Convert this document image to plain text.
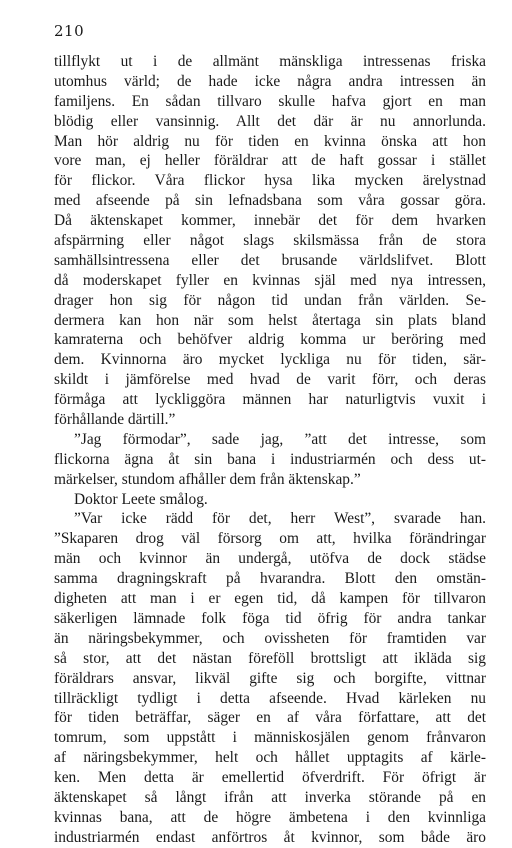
210
tillflykt ut i de allmänt mänskliga intressenas friska
utomhus värld; de hade icke några andra intressen än
familjens. En sådan tillvaro skulle hafva gjort en man
blödig eller vansinnig. Allt det där är nu annorlunda.
Man hör aldrig nu för tiden en kvinna önska att hon
vore man, ej heller föräldrar att de haft gossar i stället
för flickor. Våra flickor hysa lika mycken ärelystnad
med afseende på sin lefnadsbana som våra gossar göra.
Då äktenskapet kommer, innebär det för dem hvarken
afspärrning eller något slags skilsmässa från de stora
samhällsintressena eller det brusande världslifvet. Blott
då moderskapet fyller en kvinnas själ med nya intressen,
drager hon sig för någon tid undan från världen. Se-
dermera kan hon när som helst återtaga sin plats bland
kamraterna och behöfver aldrig komma ur beröring med
dem. Kvinnorna äro mycket lyckliga nu för tiden, sär-
skildt i jämförelse med hvad de varit förr, och deras
förmåga att lyckliggöra männen har naturligtvis vuxit i
förhållande därtill.”
”Jag förmodar”, sade jag, ”att det intresse, som
flickorna ägna åt sin bana i industriarmén och dess ut-
märkelser, stundom afhåller dem från äktenskap.”
Doktor Leete smålog.
”Var icke rädd för det, herr West”, svarade han.
”Skaparen drog väl försorg om att, hvilka förändringar
män och kvinnor än undergå, utöfva de dock städse
samma dragningskraft på hvarandra. Blott den omstän-
digheten att man i er egen tid, då kampen för tillvaron
säkerligen lämnade folk föga tid öfrig för andra tankar
än näringsbekymmer, och ovissheten för framtiden var
så stor, att det nästan föreföll brottsligt att ikläda sig
föräldrars ansvar, likväl gifte sig och borgifte, vittnar
tillräckligt tydligt i detta afseende. Hvad kärleken nu
för tiden beträffar, säger en af våra författare, att det
tomrum, som uppstått i människosjälen genom frånvaron
af näringsbekymmer, helt och hållet upptagits af kärle-
ken. Men detta är emellertid öfverdrift. För öfrigt är
äktenskapet så långt ifrån att inverka störande på en
kvinnas bana, att de högre ämbetena i den kvinnliga
industriarmén endast anförtros åt kvinnor, som både äro
